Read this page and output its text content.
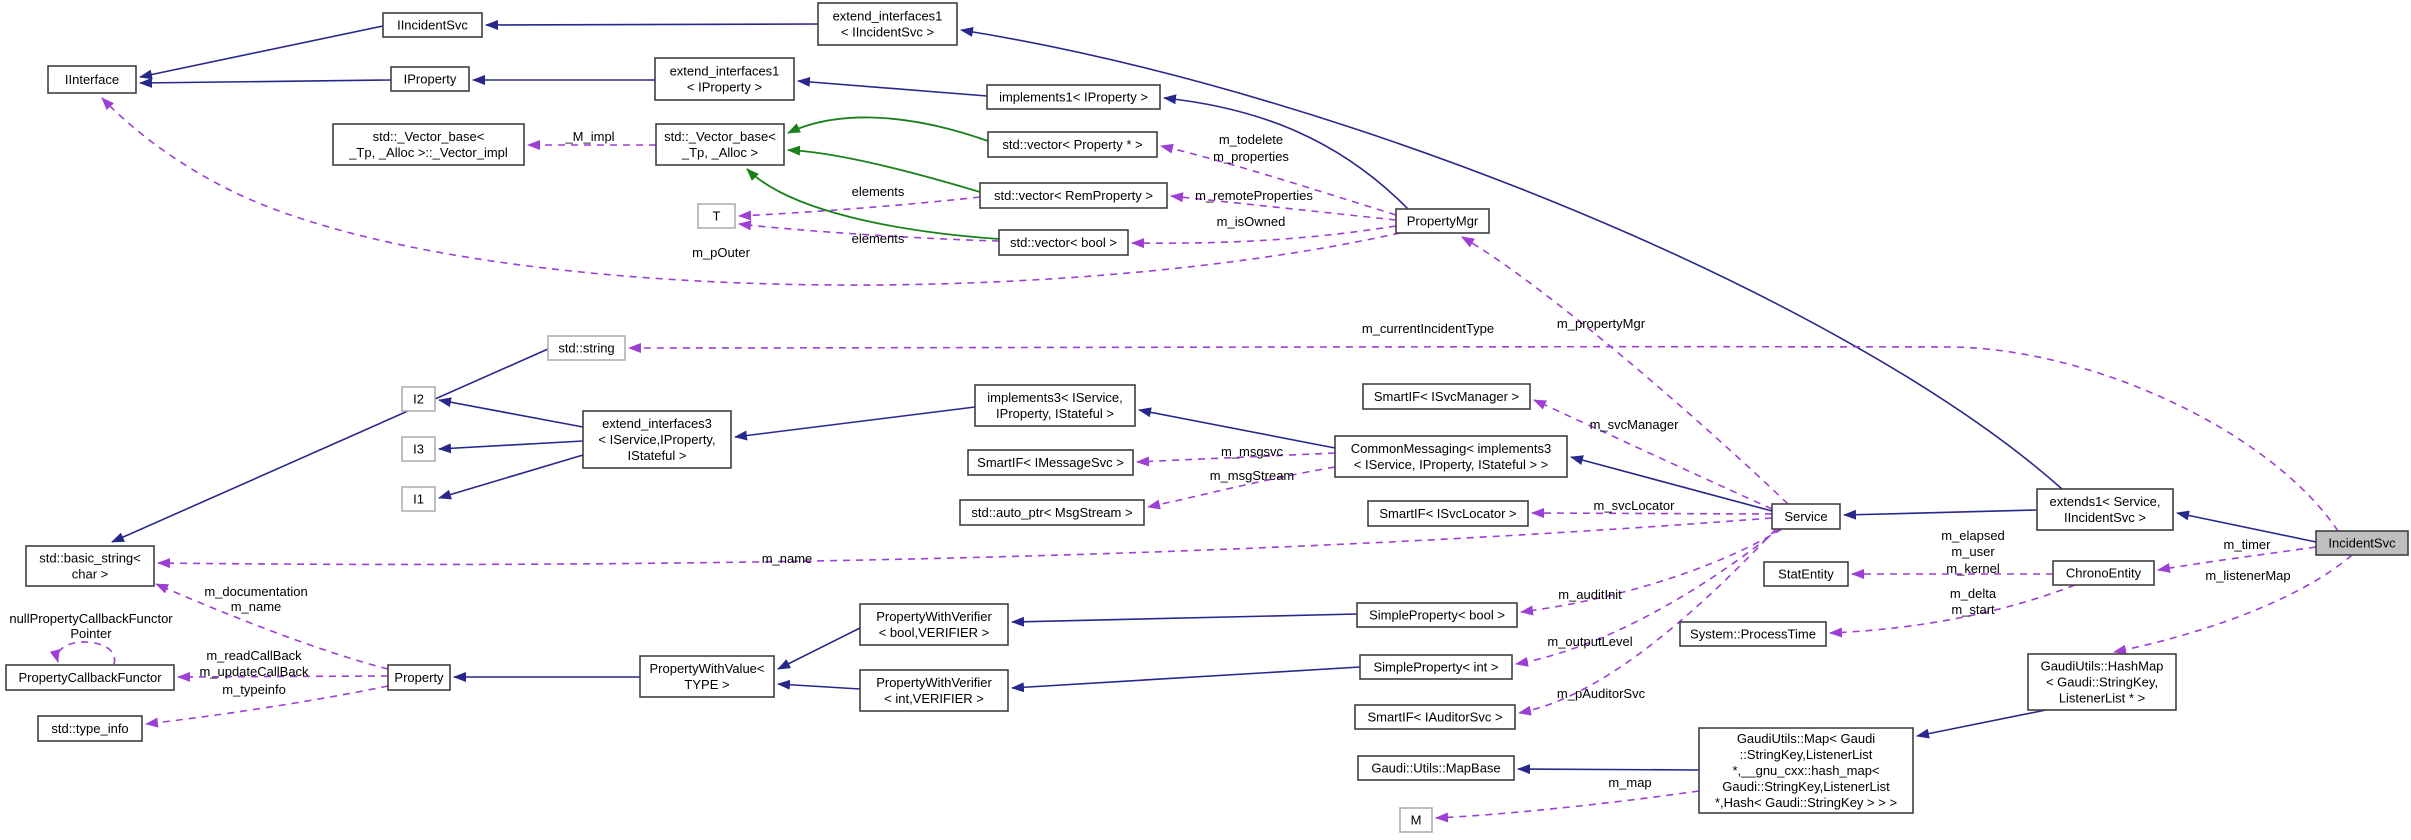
_M_impl	m_todelete
m_properties
m_remoteProperties
m_isOwned
m_pOuter
elements
elements
m_currentIncidentType	m_propertyMgr
m_svcManager
m_svcLocator
m_msgsvc
m_msgStream
m_name
m_auditInit
m_outputLevel
m_pAuditorSvc
m_elapsed
m_user
m_kernel
m_delta
m_start
m_timer
m_listenerMap
m_map
m_readCallBack
m_updateCallBack
nullPropertyCallbackFunctor
Pointer
m_typeinfo
m_documentation
m_name
IInterface
IIncidentSvc
IProperty
extend_interfaces1
< IIncidentSvc >
extend_interfaces1
< IProperty >
implements1< IProperty >
std::_Vector_base<
_Tp, _Alloc >::_Vector_impl
std::_Vector_base<
_Tp, _Alloc >
std::vector< Property * >
std::vector< RemProperty >
std::vector< bool >
T	PropertyMgr
std::string
I2
I3
I1
extend_interfaces3
< IService,IProperty,
IStateful >
implements3< IService,
IProperty, IStateful >
SmartIF< IMessageSvc >
std::auto_ptr< MsgStream >
SmartIF< ISvcManager >
CommonMessaging< implements3
< IService, IProperty, IStateful > >
SmartIF< ISvcLocator >	Service
extends1< Service,
IIncidentSvc >
IncidentSvc
StatEntity	ChronoEntity
System::ProcessTime
GaudiUtils::HashMap
< Gaudi::StringKey,
ListenerList * >
GaudiUtils::Map< Gaudi
::StringKey,ListenerList
*,__gnu_cxx::hash_map<
Gaudi::StringKey,ListenerList
*,Hash< Gaudi::StringKey > > >
std::basic_string<
char >
PropertyCallbackFunctor
std::type_info
Property
PropertyWithValue<
TYPE >
PropertyWithVerifier
< bool,VERIFIER >
PropertyWithVerifier
< int,VERIFIER >
SimpleProperty< bool >
SimpleProperty< int >
SmartIF< IAuditorSvc >
Gaudi::Utils::MapBase
M
